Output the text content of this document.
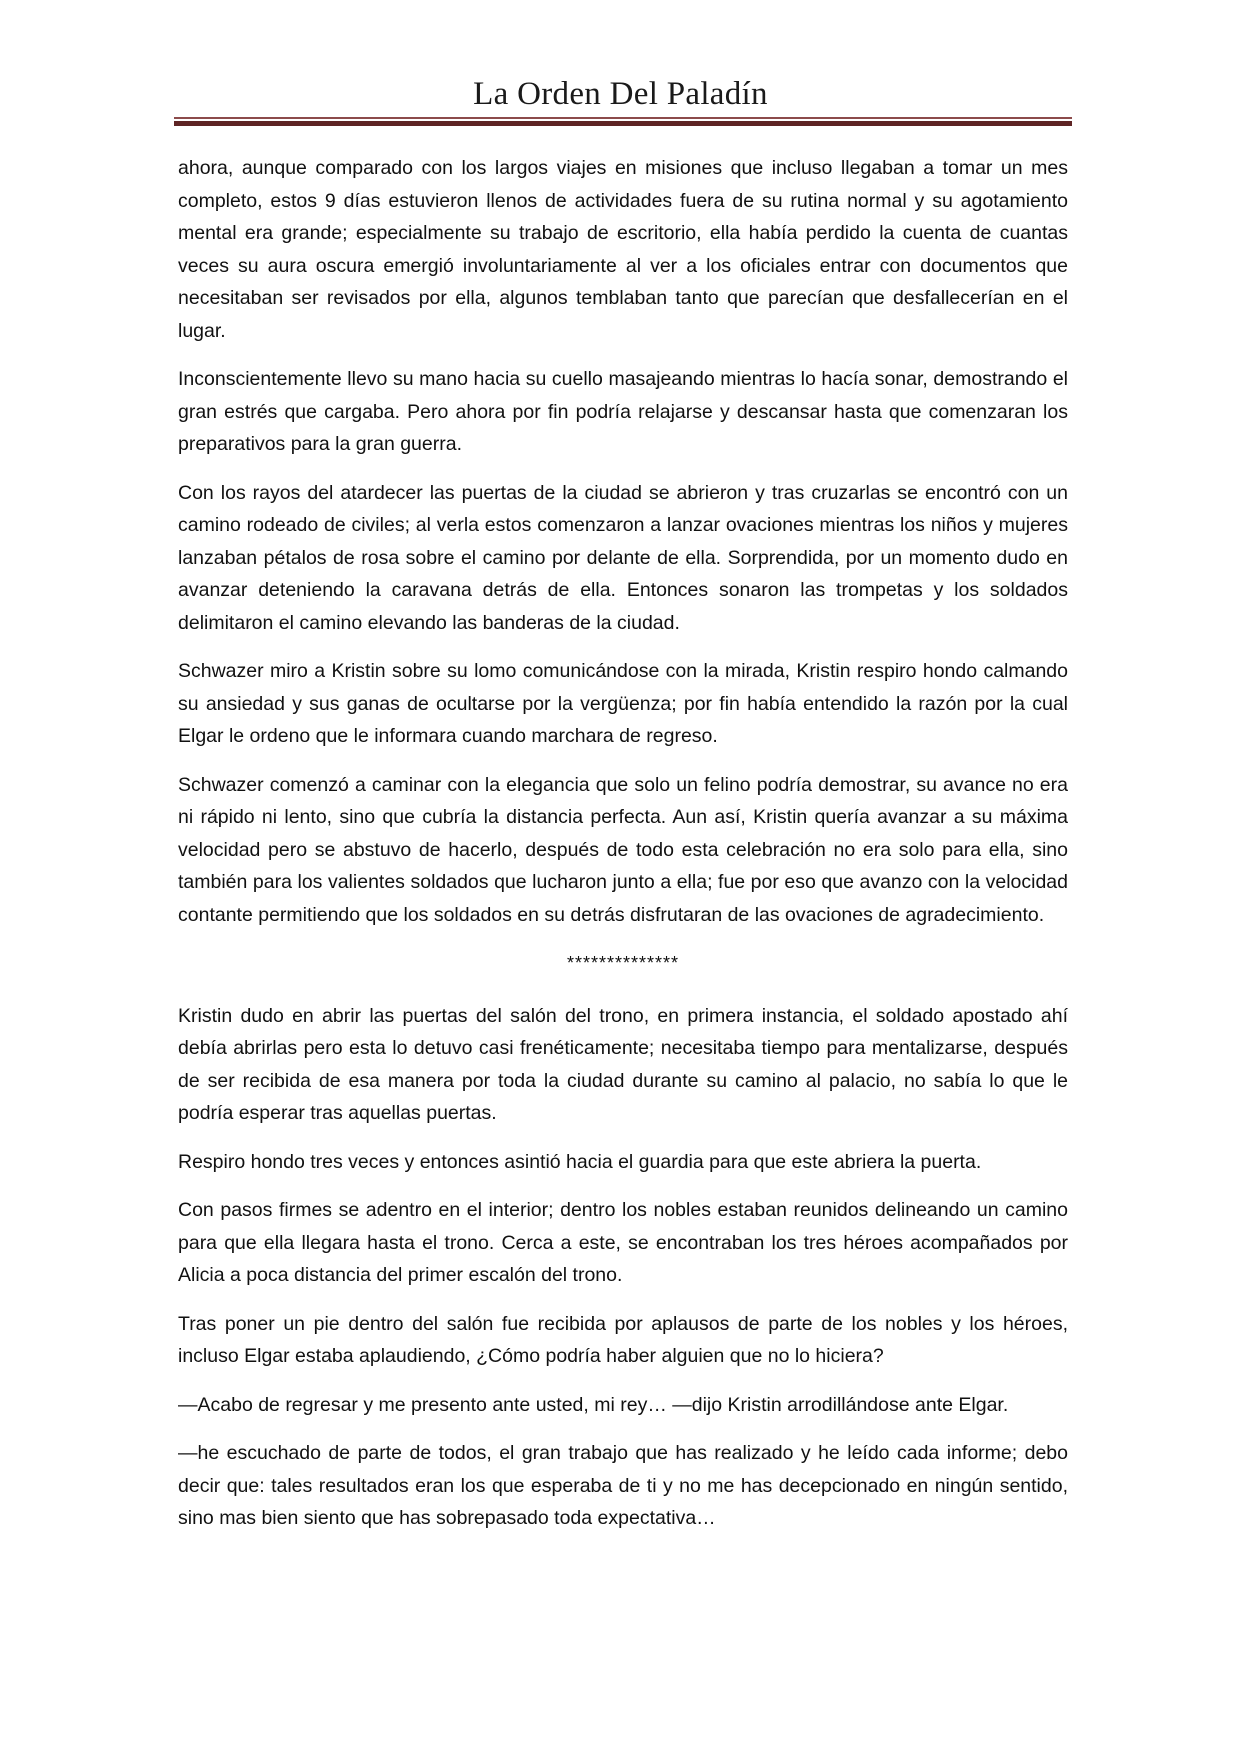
La Orden Del Paladín

ahora, aunque comparado con los largos viajes en misiones que incluso llegaban a tomar un mes completo, estos 9 días estuvieron llenos de actividades fuera de su rutina normal y su agotamiento mental era grande; especialmente su trabajo de escritorio, ella había perdido la cuenta de cuantas veces su aura oscura emergió involuntariamente al ver a los oficiales entrar con documentos que necesitaban ser revisados por ella, algunos temblaban tanto que parecían que desfallecerían en el lugar.

Inconscientemente llevo su mano hacia su cuello masajeando mientras lo hacía sonar, demostrando el gran estrés que cargaba. Pero ahora por fin podría relajarse y descansar hasta que comenzaran los preparativos para la gran guerra.

Con los rayos del atardecer las puertas de la ciudad se abrieron y tras cruzarlas se encontró con un camino rodeado de civiles; al verla estos comenzaron a lanzar ovaciones mientras los niños y mujeres lanzaban pétalos de rosa sobre el camino por delante de ella. Sorprendida, por un momento dudo en avanzar deteniendo la caravana detrás de ella. Entonces sonaron las trompetas y los soldados delimitaron el camino elevando las banderas de la ciudad.

Schwazer miro a Kristin sobre su lomo comunicándose con la mirada, Kristin respiro hondo calmando su ansiedad y sus ganas de ocultarse por la vergüenza; por fin había entendido la razón por la cual Elgar le ordeno que le informara cuando marchara de regreso.

Schwazer comenzó a caminar con la elegancia que solo un felino podría demostrar, su avance no era ni rápido ni lento, sino que cubría la distancia perfecta. Aun así, Kristin quería avanzar a su máxima velocidad pero se abstuvo de hacerlo, después de todo esta celebración no era solo para ella, sino también para los valientes soldados que lucharon junto a ella; fue por eso que avanzo con la velocidad contante permitiendo que los soldados en su detrás disfrutaran de las ovaciones de agradecimiento.

**************

Kristin dudo en abrir las puertas del salón del trono, en primera instancia, el soldado apostado ahí debía abrirlas pero esta lo detuvo casi frenéticamente; necesitaba tiempo para mentalizarse, después de ser recibida de esa manera por toda la ciudad durante su camino al palacio, no sabía lo que le podría esperar tras aquellas puertas.

Respiro hondo tres veces y entonces asintió hacia el guardia para que este abriera la puerta.

Con pasos firmes se adentro en el interior; dentro los nobles estaban reunidos delineando un camino para que ella llegara hasta el trono. Cerca a este, se encontraban los tres héroes acompañados por Alicia a poca distancia del primer escalón del trono.

Tras poner un pie dentro del salón fue recibida por aplausos de parte de los nobles y los héroes, incluso Elgar estaba aplaudiendo, ¿Cómo podría haber alguien que no lo hiciera?

—Acabo de regresar y me presento ante usted, mi rey… —dijo Kristin arrodillándose ante Elgar.

—he escuchado de parte de todos, el gran trabajo que has realizado y he leído cada informe; debo decir que: tales resultados eran los que esperaba de ti y no me has decepcionado en ningún sentido, sino mas bien siento que has sobrepasado toda expectativa…
